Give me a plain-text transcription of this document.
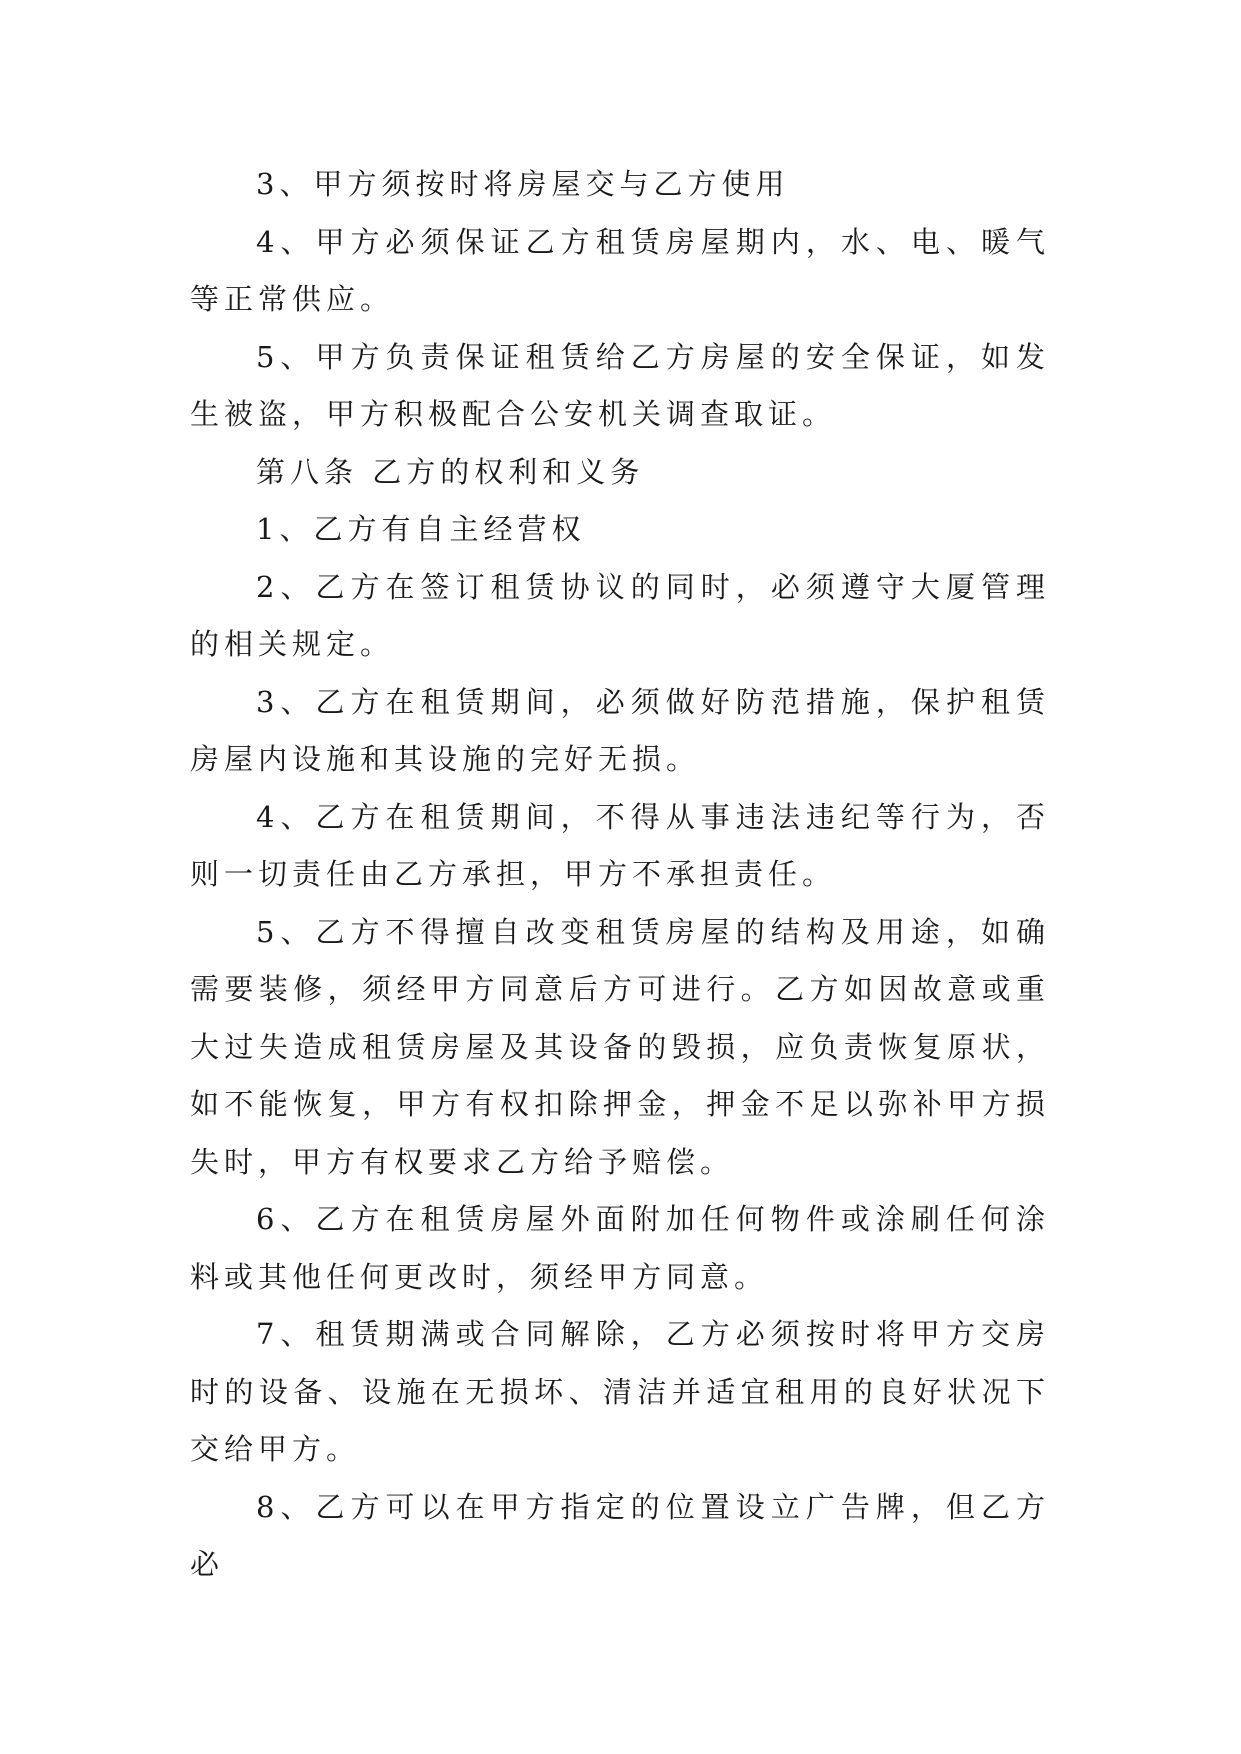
3、甲方须按时将房屋交与乙方使用

4、甲方必须保证乙方租赁房屋期内，水、电、暖气等正常供应。

5、甲方负责保证租赁给乙方房屋的安全保证，如发生被盗，甲方积极配合公安机关调查取证。

第八条 乙方的权利和义务

1、乙方有自主经营权

2、乙方在签订租赁协议的同时，必须遵守大厦管理的相关规定。

3、乙方在租赁期间，必须做好防范措施，保护租赁房屋内设施和其设施的完好无损。

4、乙方在租赁期间，不得从事违法违纪等行为，否则一切责任由乙方承担，甲方不承担责任。

5、乙方不得擅自改变租赁房屋的结构及用途，如确需要装修，须经甲方同意后方可进行。乙方如因故意或重大过失造成租赁房屋及其设备的毁损，应负责恢复原状，如不能恢复，甲方有权扣除押金，押金不足以弥补甲方损失时，甲方有权要求乙方给予赔偿。

6、乙方在租赁房屋外面附加任何物件或涂刷任何涂料或其他任何更改时，须经甲方同意。

7、租赁期满或合同解除，乙方必须按时将甲方交房时的设备、设施在无损坏、清洁并适宜租用的良好状况下交给甲方。

8、乙方可以在甲方指定的位置设立广告牌，但乙方必
